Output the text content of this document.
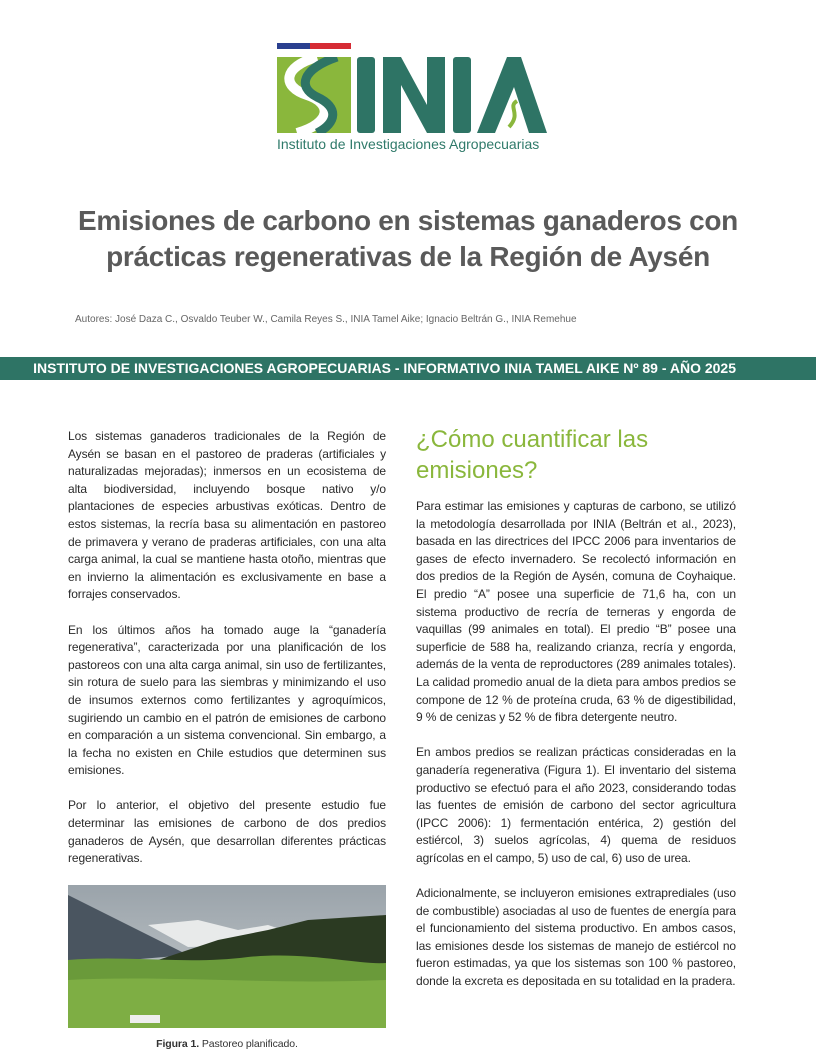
Instituto de Investigaciones Agropecuarias
Emisiones de carbono en sistemas ganaderos con
prácticas regenerativas de la Región de Aysén
Autores: José Daza C., Osvaldo Teuber W., Camila Reyes S., INIA Tamel Aike; Ignacio Beltrán G., INIA Remehue
INSTITUTO DE INVESTIGACIONES AGROPECUARIAS - INFORMATIVO INIA TAMEL AIKE Nº 89 - AÑO 2025

Los sistemas ganaderos tradicionales de la Región de Aysén se basan en el pastoreo de praderas (artificiales y naturalizadas mejoradas); inmersos en un ecosistema de alta biodiversidad, incluyendo bosque nativo y/o plantaciones de especies arbustivas exóticas. Dentro de estos sistemas, la recría basa su alimentación en pastoreo de primavera y verano de praderas artificiales, con una alta carga animal, la cual se mantiene hasta otoño, mientras que en invierno la alimentación es exclusivamente en base a forrajes conservados.

En los últimos años ha tomado auge la “ganadería regenerativa”, caracterizada por una planificación de los pastoreos con una alta carga animal, sin uso de fertilizantes, sin rotura de suelo para las siembras y minimizando el uso de insumos externos como fertilizantes y agroquímicos, sugiriendo un cambio en el patrón de emisiones de carbono en comparación a un sistema convencional. Sin embargo, a la fecha no existen en Chile estudios que determinen sus emisiones.

Por lo anterior, el objetivo del presente estudio fue determinar las emisiones de carbono de dos predios ganaderos de Aysén, que desarrollan diferentes prácticas regenerativas.

Figura 1. Pastoreo planificado.
¿Cómo cuantificar las emisiones?

Para estimar las emisiones y capturas de carbono, se utilizó la metodología desarrollada por INIA (Beltrán et al., 2023), basada en las directrices del IPCC 2006 para inventarios de gases de efecto invernadero. Se recolectó información en dos predios de la Región de Aysén, comuna de Coyhaique. El predio “A” posee una superficie de 71,6 ha, con un sistema productivo de recría de terneras y engorda de vaquillas (99 animales en total). El predio “B” posee una superficie de 588 ha, realizando crianza, recría y engorda, además de la venta de reproductores (289 animales totales). La calidad promedio anual de la dieta para ambos predios se compone de 12 % de proteína cruda, 63 % de digestibilidad, 9 % de cenizas y 52 % de fibra detergente neutro.

En ambos predios se realizan prácticas consideradas en la ganadería regenerativa (Figura 1). El inventario del sistema productivo se efectuó para el año 2023, considerando todas las fuentes de emisión de carbono del sector agricultura (IPCC 2006): 1) fermentación entérica, 2) gestión del estiércol, 3) suelos agrícolas, 4) quema de residuos agrícolas en el campo, 5) uso de cal, 6) uso de urea.

Adicionalmente, se incluyeron emisiones extraprediales (uso de combustible) asociadas al uso de fuentes de energía para el funcionamiento del sistema productivo. En ambos casos, las emisiones desde los sistemas de manejo de estiércol no fueron estimadas, ya que los sistemas son 100 % pastoreo, donde la excreta es depositada en su totalidad en la pradera.
